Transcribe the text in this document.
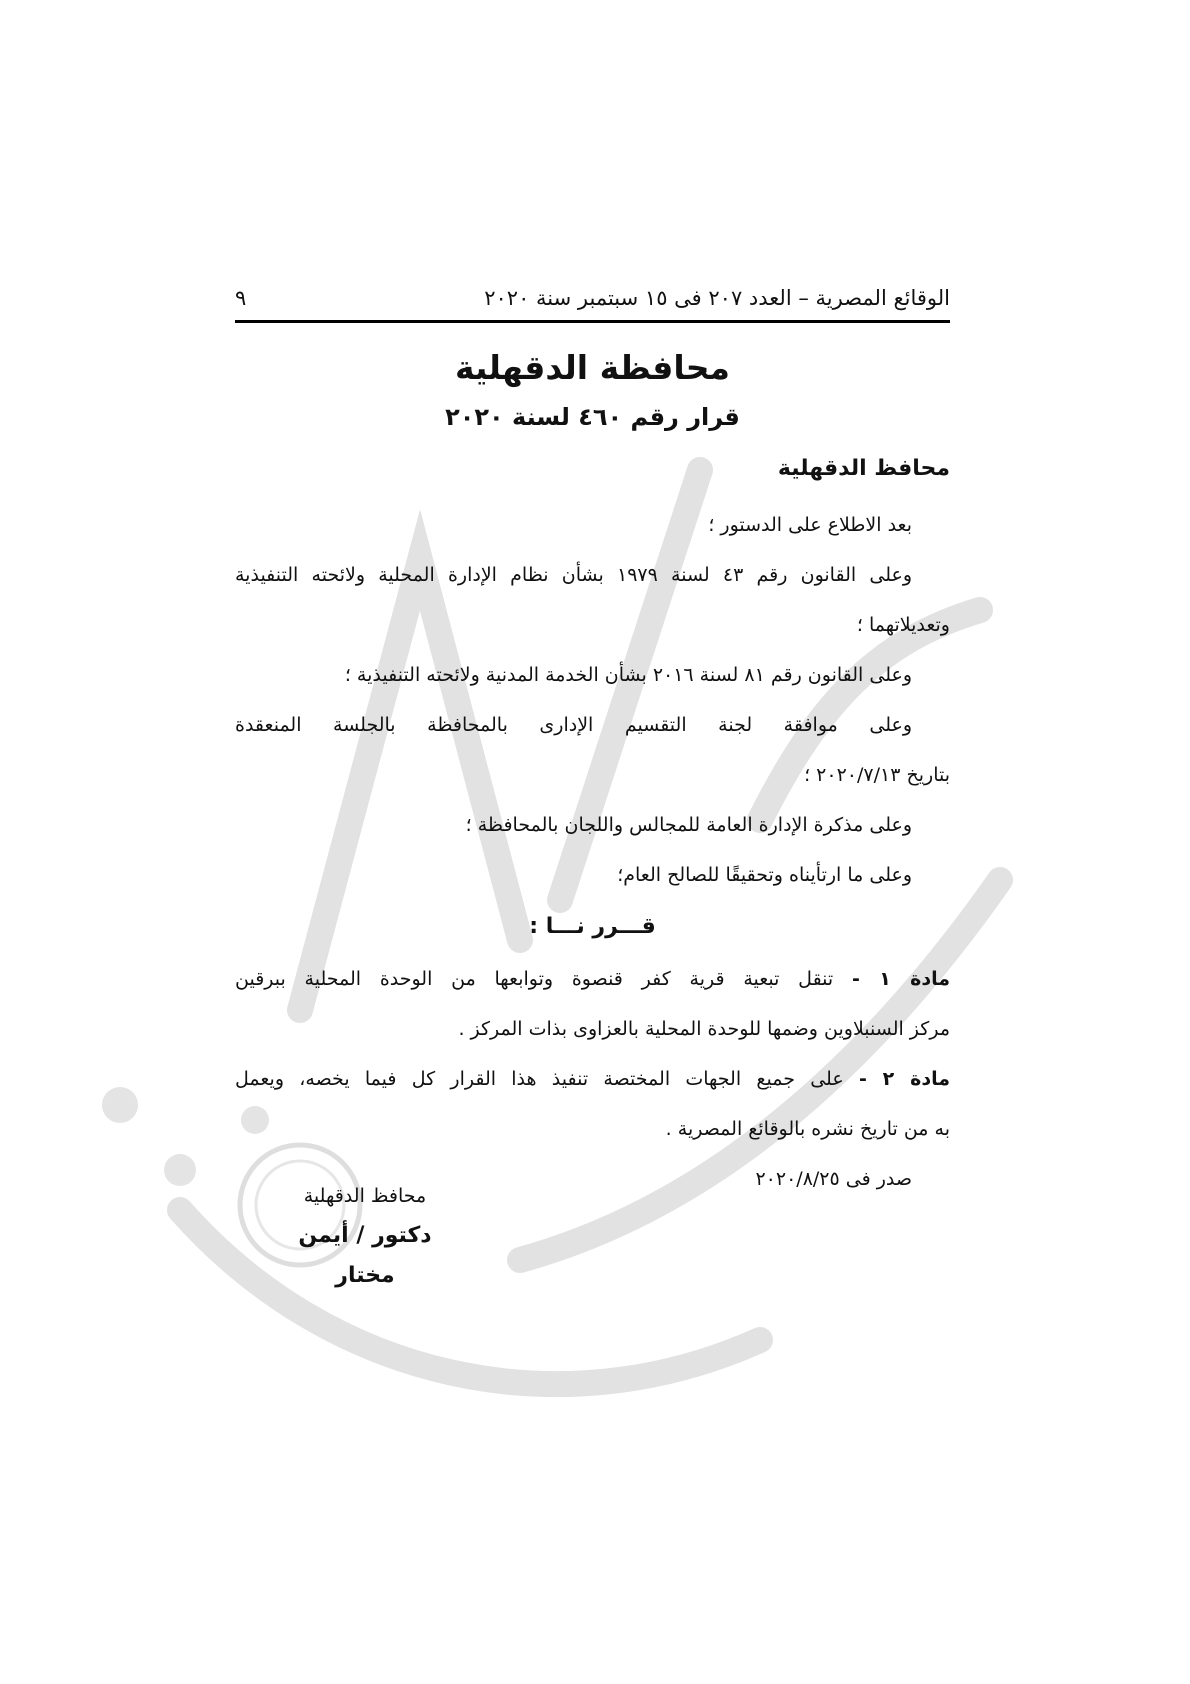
الوقائع المصرية – العدد ٢٠٧ فى ١٥ سبتمبر سنة ٢٠٢٠
٩
محافظة الدقهلية
قرار رقم ٤٦٠ لسنة ٢٠٢٠
محافظ الدقهلية

بعد الاطلاع على الدستور ؛

وعلى القانون رقم ٤٣ لسنة ١٩٧٩ بشأن نظام الإدارة المحلية ولائحته التنفيذية

وتعديلاتهما ؛

وعلى القانون رقم ٨١ لسنة ٢٠١٦ بشأن الخدمة المدنية ولائحته التنفيذية ؛

وعلى موافقة لجنة التقسيم الإدارى بالمحافظة بالجلسة المنعقدة

بتاريخ ٢٠٢٠/٧/١٣ ؛

وعلى مذكرة الإدارة العامة للمجالس واللجان بالمحافظة ؛

وعلى ما ارتأيناه وتحقيقًا للصالح العام؛

قـــرر نـــا :

مادة ١ - تنقل تبعية قرية كفر قنصوة وتوابعها من الوحدة المحلية ببرقين

مركز السنبلاوين وضمها للوحدة المحلية بالعزاوى بذات المركز .

مادة ٢ - على جميع الجهات المختصة تنفيذ هذا القرار كل فيما يخصه، ويعمل

به من تاريخ نشره بالوقائع المصرية .

صدر فى ٢٠٢٠/٨/٢٥

محافظ الدقهلية

دكتور / أيمن مختار
